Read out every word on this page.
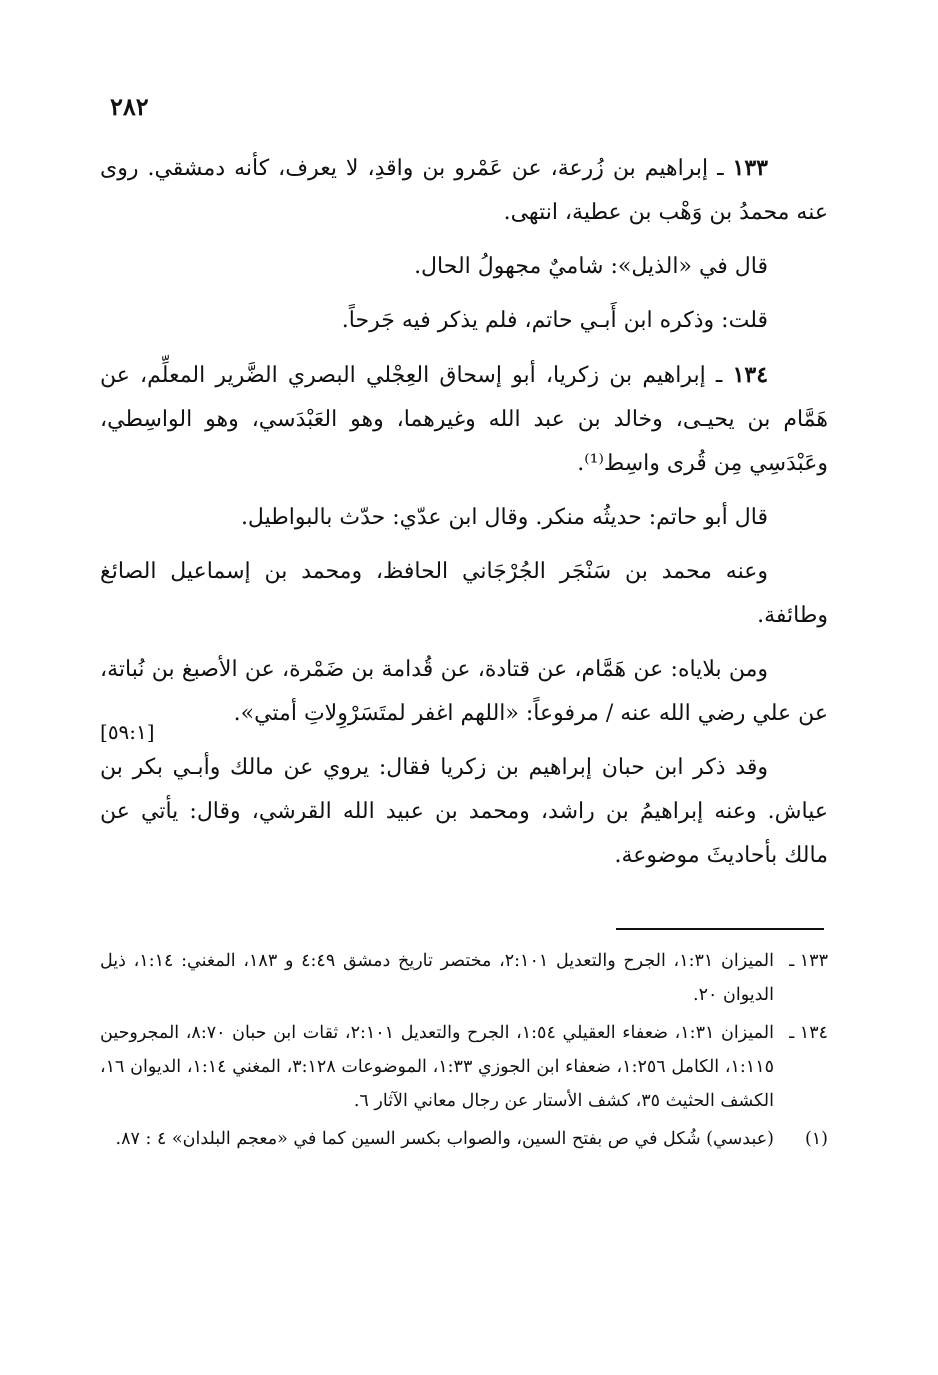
٢٨٢

١٣٣ ـ إبراهيم بن زُرعة، عن عَمْرو بن واقدِ، لا يعرف، كأنه دمشقي. روى عنه محمدُ بن وَهْب بن عطية، انتهى.

قال في «الذيل»: شاميٌ مجهولُ الحال.

قلت: وذكره ابن أَبـي حاتم، فلم يذكر فيه جَرحاً.

١٣٤ ـ إبراهيم بن زكريا، أبو إسحاق العِجْلي البصري الضَّرير المعلِّم، عن هَمَّام بن يحيـى، وخالد بن عبد الله وغيرهما، وهو العَبْدَسي، وهو الواسِطي، وعَبْدَسِي مِن قُرى واسِط⁽¹⁾.

قال أبو حاتم: حديثُه منكر. وقال ابن عدّي: حدّث بالبواطيل.

وعنه محمد بن سَنْجَر الجُرْجَاني الحافظ، ومحمد بن إسماعيل الصائغ وطائفة.

ومن بلاياه: عن هَمَّام، عن قتادة، عن قُدامة بن ضَمْرة، عن الأصبغ بن نُباتة، عن علي رضي الله عنه / مرفوعاً: «اللهم اغفر لمتَسَرْوِلاتِ أمتي».

وقد ذكر ابن حبان إبراهيم بن زكريا فقال: يروي عن مالك وأبـي بكر بن عياش. وعنه إبراهيمُ بن راشد، ومحمد بن عبيد الله القرشي، وقال: يأتي عن مالك بأحاديثَ موضوعة.

[٥٩:١]

١٣٣ ـالميزان ١:٣١، الجرح والتعديل ٢:١٠١، مختصر تاريخ دمشق ٤:٤٩ و ١٨٣، المغني: ١:١٤، ذيل الديوان ٢٠.

١٣٤ ـالميزان ١:٣١، ضعفاء العقيلي ١:٥٤، الجرح والتعديل ٢:١٠١، ثقات ابن حبان ٨:٧٠، المجروحين ١:١١٥، الكامل ١:٢٥٦، ضعفاء ابن الجوزي ١:٣٣، الموضوعات ٣:١٢٨، المغني ١:١٤، الديوان ١٦، الكشف الحثيث ٣٥، كشف الأستار عن رجال معاني الآثار ٦.

(١)(عبدسي) شُكل في ص بفتح السين، والصواب بكسر السين كما في «معجم البلدان» ٤ : ٨٧.
